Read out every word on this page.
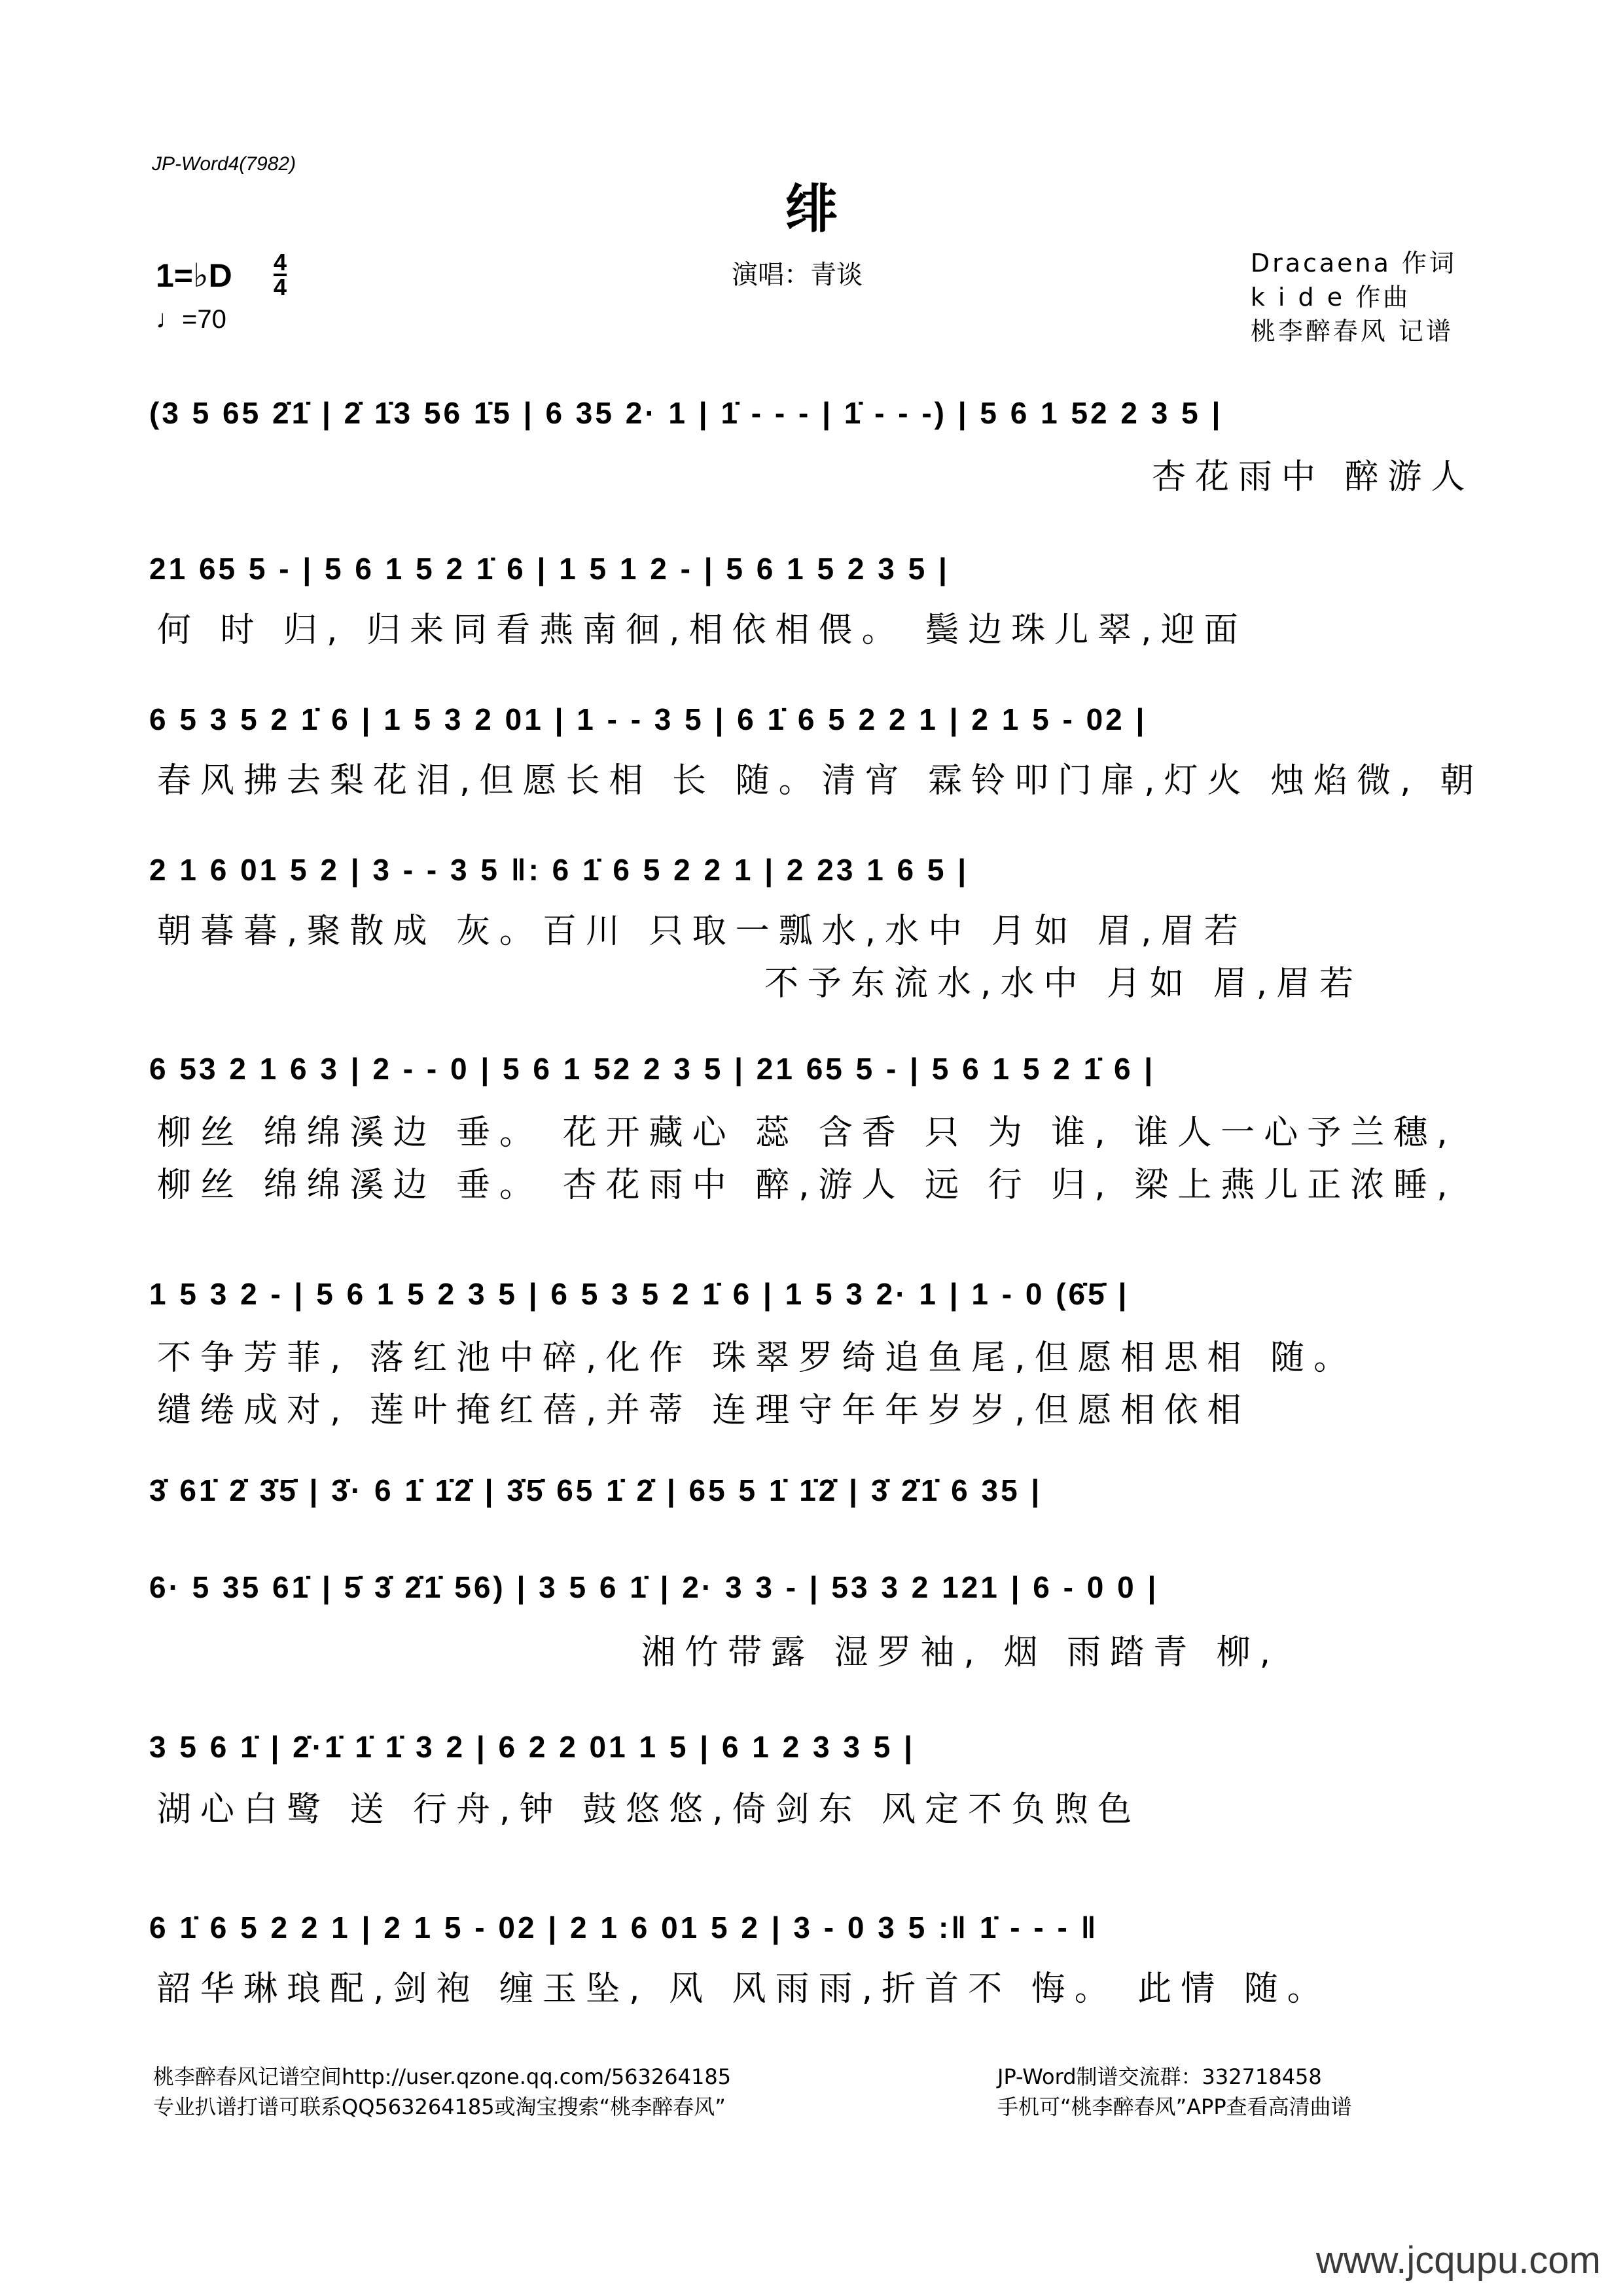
JP-Word4(7982)
绯
1=♭D 4
4
♩=70
演唱：青谈	Dracaena 作词
k i d e 作曲
桃李醉春风 记谱
(3 5 65 2̇1̇ | 2̇ 1̇3 56 1̇5 | 6 35 2· 1 | 1̇ - - - | 1̇ - - -) | 5 6 1 52 2 3 5 |
杏花雨中 醉游人
21 65 5 - | 5 6 1 5 2 1̇ 6 | 1 5 1 2 - | 5 6 1 5 2 3 5 |
何 时 归, 归来同看燕南徊,相依相偎。 鬓边珠儿翠,迎面
6 5 3 5 2 1̇ 6 | 1 5 3 2 01 | 1 - - 3 5 | 6 1̇ 6 5 2 2 1 | 2 1 5 - 02 |
春风拂去梨花泪,但愿长相 长 随。清宵 霖铃叩门扉,灯火 烛焰微, 朝
2 1 6 01 5 2 | 3 - - 3 5 ‖: 6 1̇ 6 5 2 2 1 | 2 23 1 6 5 |
朝暮暮,聚散成 灰。百川 只取一瓢水,水中 月如 眉,眉若
不予东流水,水中 月如 眉,眉若
6 53 2 1 6 3 | 2 - - 0 | 5 6 1 52 2 3 5 | 21 65 5 - | 5 6 1 5 2 1̇ 6 |
柳丝 绵绵溪边 垂。 花开藏心 蕊 含香 只 为 谁, 谁人一心予兰穗,
柳丝 绵绵溪边 垂。 杏花雨中 醉,游人 远 行 归, 梁上燕儿正浓睡,
1 5 3 2 - | 5 6 1 5 2 3 5 | 6 5 3 5 2 1̇ 6 | 1 5 3 2· 1 | 1 - 0 (6̇5̇ |
不争芳菲, 落红池中碎,化作 珠翠罗绮追鱼尾,但愿相思相 随。
缱绻成对, 莲叶掩红蓓,并蒂 连理守年年岁岁,但愿相依相
3̇ 61̇ 2̇ 3̇5̇ | 3̇· 6 1̇ 1̇2̇ | 3̇5̇ 65 1̇ 2̇ | 65 5 1̇ 1̇2̇ | 3̇ 2̇1̇ 6 35 |
6· 5 35 61̇ | 5̇ 3̇ 2̇1̇ 56) | 3 5 6 1̇ | 2· 3 3 - | 53 3 2 121 | 6 - 0 0 |
湘竹带露 湿罗袖, 烟 雨踏青 柳,
3 5 6 1̇ | 2̇·1̇ 1̇ 1̇ 3 2 | 6 2 2 01 1 5 | 6 1 2 3 3 5 |
湖心白鹭 送 行舟,钟 鼓悠悠,倚剑东 风定不负煦色
6 1̇ 6 5 2 2 1 | 2 1 5 - 02 | 2 1 6 01 5 2 | 3 - 0 3 5 :‖ 1̇ - - - ‖
韶华琳琅配,剑袍 缠玉坠, 风 风雨雨,折首不 悔。 此情 随。
桃李醉春风记谱空间http://user.qzone.qq.com/563264185
专业扒谱打谱可联系QQ563264185或淘宝搜索“桃李醉春风”
JP-Word制谱交流群：332718458
手机可“桃李醉春风”APP查看高清曲谱
www.jcqupu.com
